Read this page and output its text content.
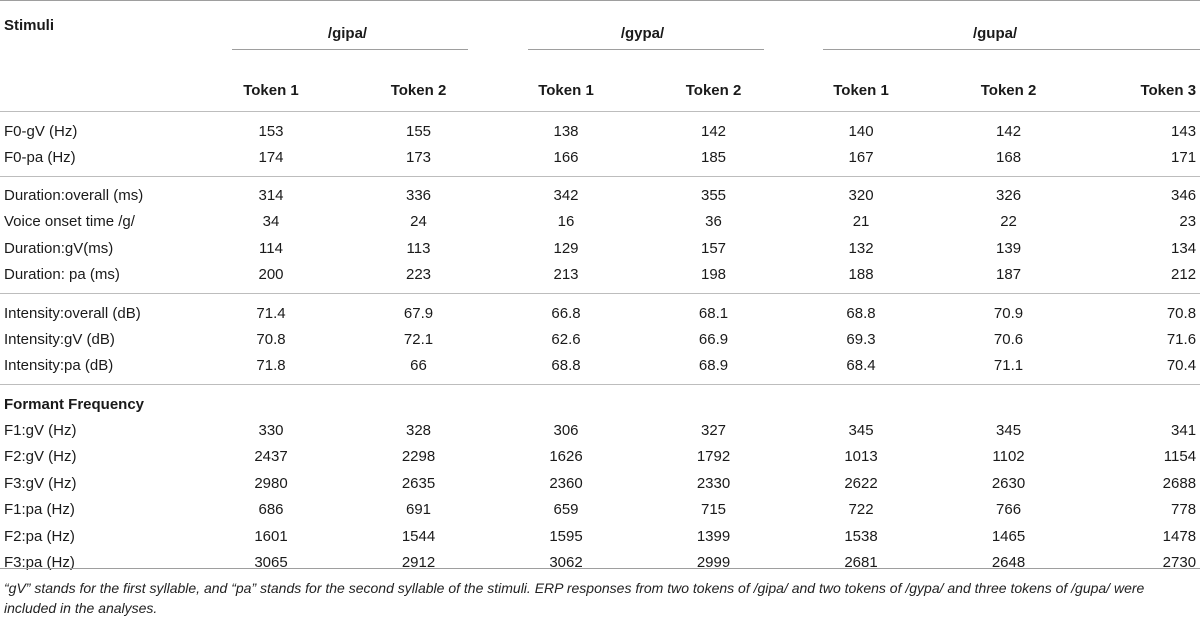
Stimuli	/gipa/		/gypa/		/gupa/		
	Token 1	Token 2	Token 1	Token 2	Token 1	Token 2	Token 3
F0-gV (Hz)	153	155	138	142	140	142	143
F0-pa (Hz)	174	173	166	185	167	168	171
Duration:overall (ms)	314	336	342	355	320	326	346
Voice onset time /g/	34	24	16	36	21	22	23
Duration:gV(ms)	114	113	129	157	132	139	134
Duration: pa (ms)	200	223	213	198	188	187	212
Intensity:overall (dB)	71.4	67.9	66.8	68.1	68.8	70.9	70.8
Intensity:gV (dB)	70.8	72.1	62.6	66.9	69.3	70.6	71.6
Intensity:pa (dB)	71.8	66	68.8	68.9	68.4	71.1	70.4
Formant Frequency							
F1:gV (Hz)	330	328	306	327	345	345	341
F2:gV (Hz)	2437	2298	1626	1792	1013	1102	1154
F3:gV (Hz)	2980	2635	2360	2330	2622	2630	2688
F1:pa (Hz)	686	691	659	715	722	766	778
F2:pa (Hz)	1601	1544	1595	1399	1538	1465	1478
F3:pa (Hz)	3065	2912	3062	2999	2681	2648	2730
“gV” stands for the first syllable, and “pa” stands for the second syllable of the stimuli. ERP responses from two tokens of /gipa/ and two tokens of /gypa/ and three tokens of /gupa/ were included in the analyses.
